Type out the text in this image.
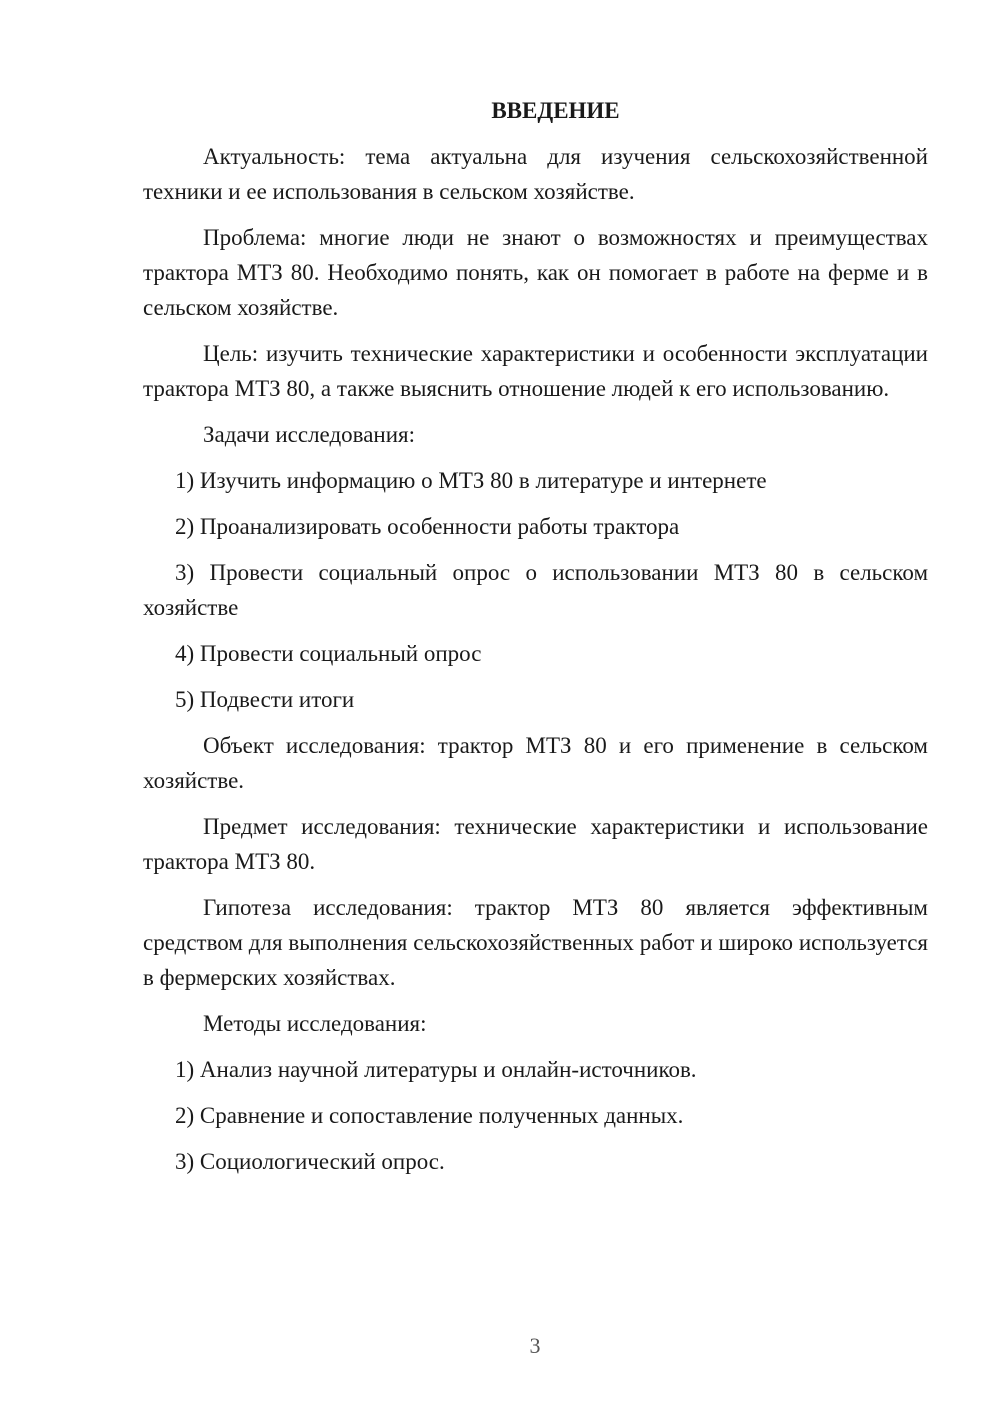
ВВЕДЕНИЕ

Актуальность: тема актуальна для изучения сельскохозяйственной техники и ее использования в сельском хозяйстве.

Проблема: многие люди не знают о возможностях и преимуществах трактора МТЗ 80. Необходимо понять, как он помогает в работе на ферме и в сельском хозяйстве.

Цель: изучить технические характеристики и особенности эксплуатации трактора МТЗ 80, а также выяснить отношение людей к его использованию.

Задачи исследования:

1) Изучить информацию о МТЗ 80 в литературе и интернете

2) Проанализировать особенности работы трактора

3) Провести социальный опрос о использовании МТЗ 80 в сельском хозяйстве

4) Провести социальный опрос

5) Подвести итоги

Объект исследования: трактор МТЗ 80 и его применение в сельском хозяйстве.

Предмет исследования: технические характеристики и использование трактора МТЗ 80.

Гипотеза исследования: трактор МТЗ 80 является эффективным средством для выполнения сельскохозяйственных работ и широко используется в фермерских хозяйствах.

Методы исследования:

1) Анализ научной литературы и онлайн-источников.

2) Сравнение и сопоставление полученных данных.

3) Социологический опрос.

3
